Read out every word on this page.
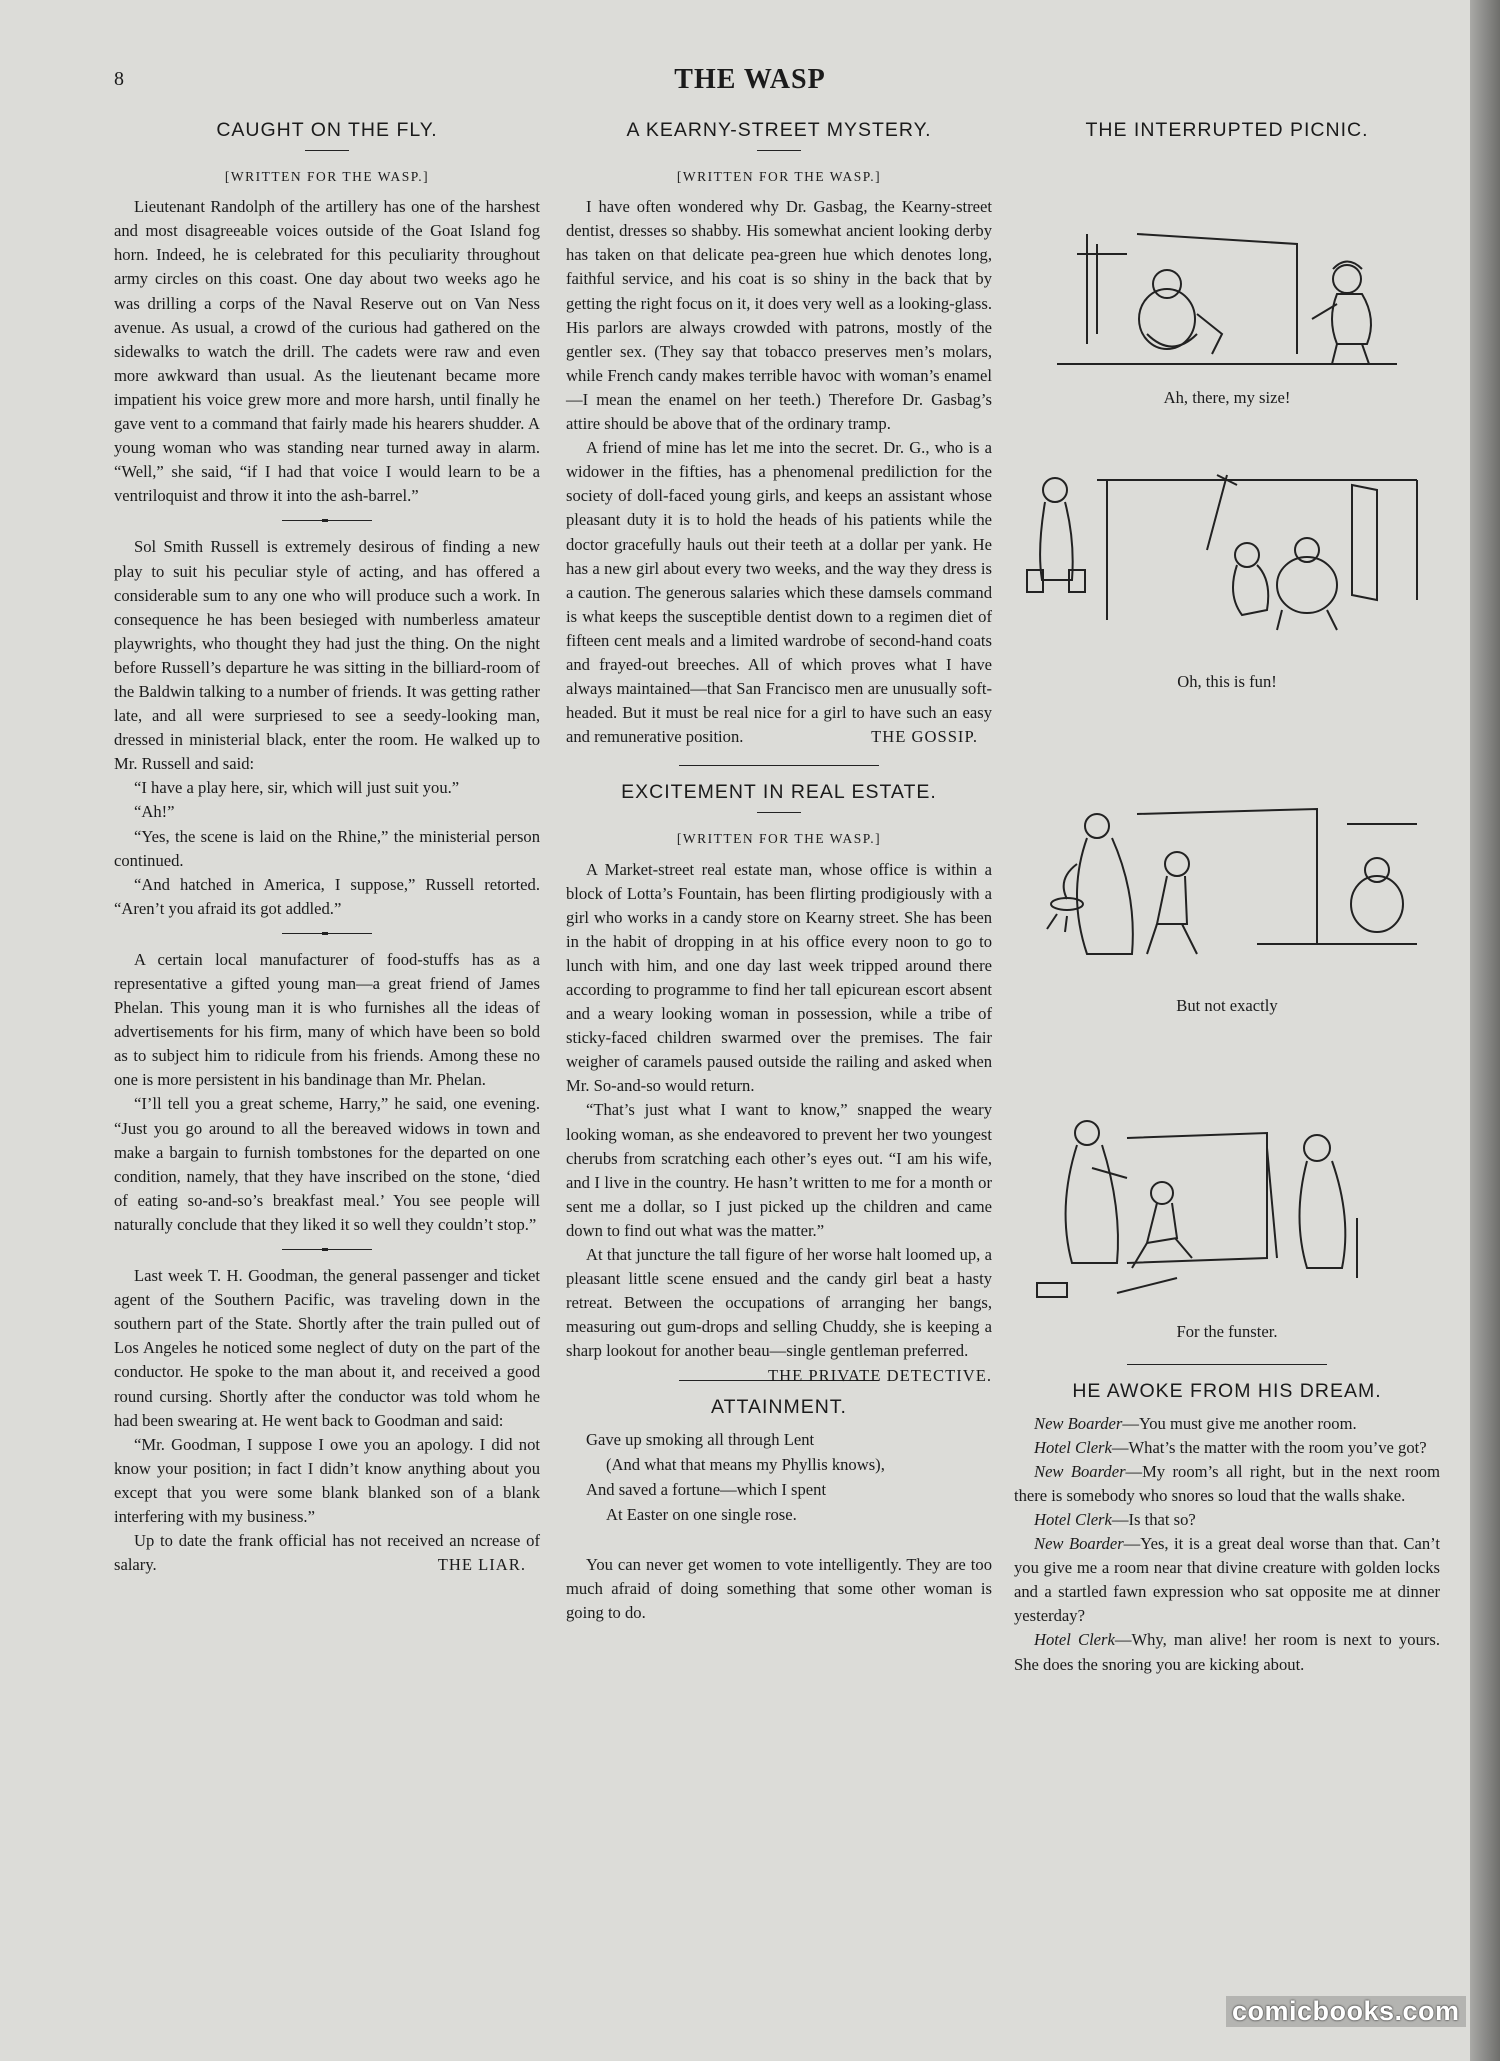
8	THE WASP
CAUGHT ON THE FLY.
[WRITTEN FOR THE WASP.]

Lieutenant Randolph of the artillery has one of the harshest and most disagreeable voices outside of the Goat Island fog horn. Indeed, he is celebrated for this peculiarity throughout army circles on this coast. One day about two weeks ago he was drilling a corps of the Naval Reserve out on Van Ness avenue. As usual, a crowd of the curious had gathered on the sidewalks to watch the drill. The cadets were raw and even more awkward than usual. As the lieutenant became more impatient his voice grew more and more harsh, until finally he gave vent to a command that fairly made his hearers shudder. A young woman who was standing near turned away in alarm. “Well,” she said, “if I had that voice I would learn to be a ventriloquist and throw it into the ash-barrel.”

Sol Smith Russell is extremely desirous of finding a new play to suit his peculiar style of acting, and has offered a considerable sum to any one who will produce such a work. In consequence he has been besieged with numberless amateur playwrights, who thought they had just the thing. On the night before Russell’s departure he was sitting in the billiard-room of the Baldwin talking to a number of friends. It was getting rather late, and all were surpriesed to see a seedy-looking man, dressed in ministerial black, enter the room. He walked up to Mr. Russell and said:

“I have a play here, sir, which will just suit you.”

“Ah!”

“Yes, the scene is laid on the Rhine,” the ministerial person continued.

“And hatched in America, I suppose,” Russell retorted. “Aren’t you afraid its got addled.”

A certain local manufacturer of food-stuffs has as a representative a gifted young man—a great friend of James Phelan. This young man it is who furnishes all the ideas of advertisements for his firm, many of which have been so bold as to subject him to ridicule from his friends. Among these no one is more persistent in his bandinage than Mr. Phelan.

“I’ll tell you a great scheme, Harry,” he said, one evening. “Just you go around to all the bereaved widows in town and make a bargain to furnish tombstones for the departed on one condition, namely, that they have inscribed on the stone, ‘died of eating so-and-so’s breakfast meal.’ You see people will naturally conclude that they liked it so well they couldn’t stop.”

Last week T. H. Goodman, the general passenger and ticket agent of the Southern Pacific, was traveling down in the southern part of the State. Shortly after the train pulled out of Los Angeles he noticed some neglect of duty on the part of the conductor. He spoke to the man about it, and received a good round cursing. Shortly after the conductor was told whom he had been swearing at. He went back to Goodman and said:

“Mr. Goodman, I suppose I owe you an apology. I did not know your position; in fact I didn’t know anything about you except that you were some blank blanked son of a blank interfering with my business.”

Up to date the frank official has not received an ncrease of salary.	THE LIAR.

A KEARNY-STREET MYSTERY.
[WRITTEN FOR THE WASP.]

I have often wondered why Dr. Gasbag, the Kearny-street dentist, dresses so shabby. His somewhat ancient looking derby has taken on that delicate pea-green hue which denotes long, faithful service, and his coat is so shiny in the back that by getting the right focus on it, it does very well as a looking-glass. His parlors are always crowded with patrons, mostly of the gentler sex. (They say that tobacco preserves men’s molars, while French candy makes terrible havoc with woman’s enamel—I mean the enamel on her teeth.) Therefore Dr. Gasbag’s attire should be above that of the ordinary tramp.

A friend of mine has let me into the secret. Dr. G., who is a widower in the fifties, has a phenomenal prediliction for the society of doll-faced young girls, and keeps an assistant whose pleasant duty it is to hold the heads of his patients while the doctor gracefully hauls out their teeth at a dollar per yank. He has a new girl about every two weeks, and the way they dress is a caution. The generous salaries which these damsels command is what keeps the susceptible dentist down to a regimen diet of fifteen cent meals and a limited wardrobe of second-hand coats and frayed-out breeches. All of which proves what I have always maintained—that San Francisco men are unusually soft-headed. But it must be real nice for a girl to have such an easy and remunerative position.	THE GOSSIP.

EXCITEMENT IN REAL ESTATE.
[WRITTEN FOR THE WASP.]

A Market-street real estate man, whose office is within a block of Lotta’s Fountain, has been flirting prodigiously with a girl who works in a candy store on Kearny street. She has been in the habit of dropping in at his office every noon to go to lunch with him, and one day last week tripped around there according to programme to find her tall epicurean escort absent and a weary looking woman in possession, while a tribe of sticky-faced children swarmed over the premises. The fair weigher of caramels paused outside the railing and asked when Mr. So-and-so would return.

“That’s just what I want to know,” snapped the weary looking woman, as she endeavored to prevent her two youngest cherubs from scratching each other’s eyes out. “I am his wife, and I live in the country. He hasn’t written to me for a month or sent me a dollar, so I just picked up the children and came down to find out what was the matter.”

At that juncture the tall figure of her worse halt loomed up, a pleasant little scene ensued and the candy girl beat a hasty retreat. Between the occupations of arranging her bangs, measuring out gum-drops and selling Chuddy, she is keeping a sharp lookout for another beau—single gentleman preferred.
THE PRIVATE DETECTIVE.

ATTAINMENT.
Gave up smoking all through Lent
(And what that means my Phyllis knows),
And saved a fortune—which I spent
At Easter on one single rose.

You can never get women to vote intelligently. They are too much afraid of doing something that some other woman is going to do.

THE INTERRUPTED PICNIC.
Ah, there, my size!
Oh, this is fun!
But not exactly
For the funster.
HE AWOKE FROM HIS DREAM.

New Boarder—You must give me another room.

Hotel Clerk—What’s the matter with the room you’ve got?

New Boarder—My room’s all right, but in the next room there is somebody who snores so loud that the walls shake.

Hotel Clerk—Is that so?

New Boarder—Yes, it is a great deal worse than that. Can’t you give me a room near that divine creature with golden locks and a startled fawn expression who sat opposite me at dinner yesterday?

Hotel Clerk—Why, man alive! her room is next to yours. She does the snoring you are kicking about.

comicbooks.com
